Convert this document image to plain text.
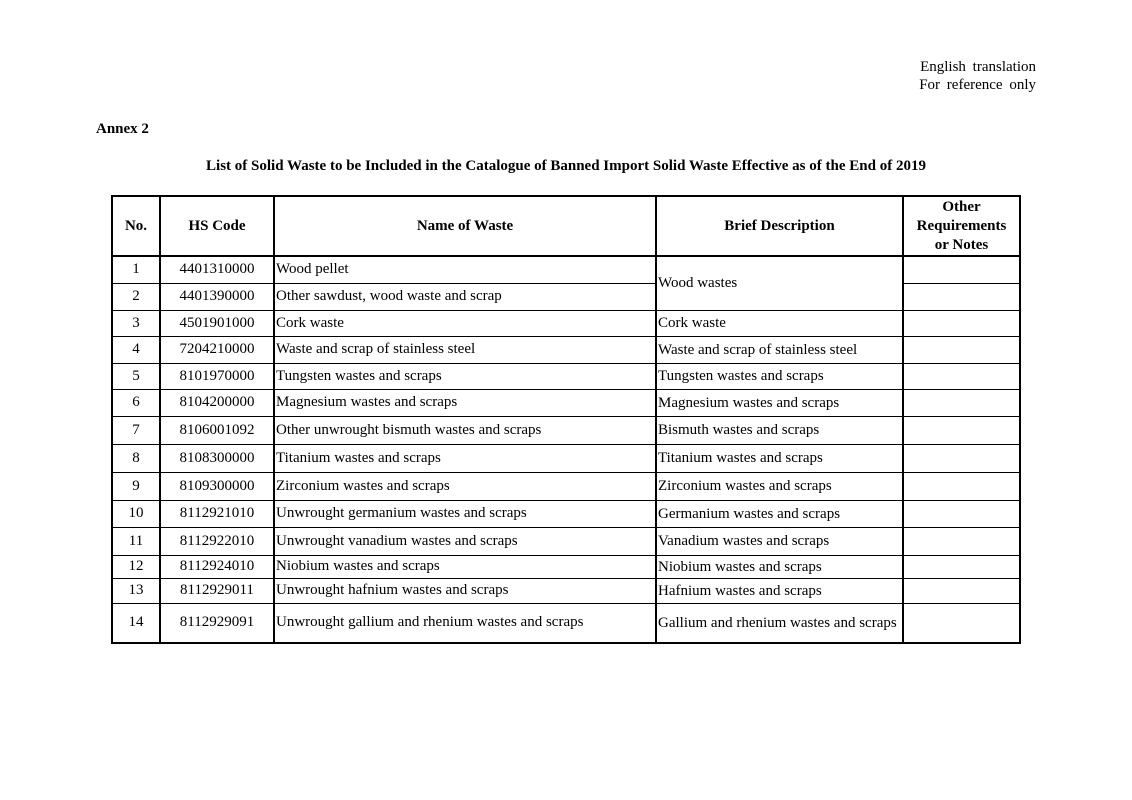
English translation
For reference only
Annex 2
List of Solid Waste to be Included in the Catalogue of Banned Import Solid Waste Effective as of the End of 2019
No.	HS Code	Name of Waste	Brief Description	Other
Requirements
or Notes

1	4401310000	Wood pellet	Wood wastes	
2	4401390000	Other sawdust, wood waste and scrap		
3	4501901000	Cork waste	Cork waste	
4	7204210000	Waste and scrap of stainless steel	Waste and scrap of stainless steel	
5	8101970000	Tungsten wastes and scraps	Tungsten wastes and scraps	
6	8104200000	Magnesium wastes and scraps	Magnesium wastes and scraps	
7	8106001092	Other unwrought bismuth wastes and scraps	Bismuth wastes and scraps	
8	8108300000	Titanium wastes and scraps	Titanium wastes and scraps	
9	8109300000	Zirconium wastes and scraps	Zirconium wastes and scraps	
10	8112921010	Unwrought germanium wastes and scraps	Germanium wastes and scraps	
11	8112922010	Unwrought vanadium wastes and scraps	Vanadium wastes and scraps	
12	8112924010	Niobium wastes and scraps	Niobium wastes and scraps	
13	8112929011	Unwrought hafnium wastes and scraps	Hafnium wastes and scraps	
14	8112929091	Unwrought gallium and rhenium wastes and scraps	Gallium and rhenium wastes and scraps	
